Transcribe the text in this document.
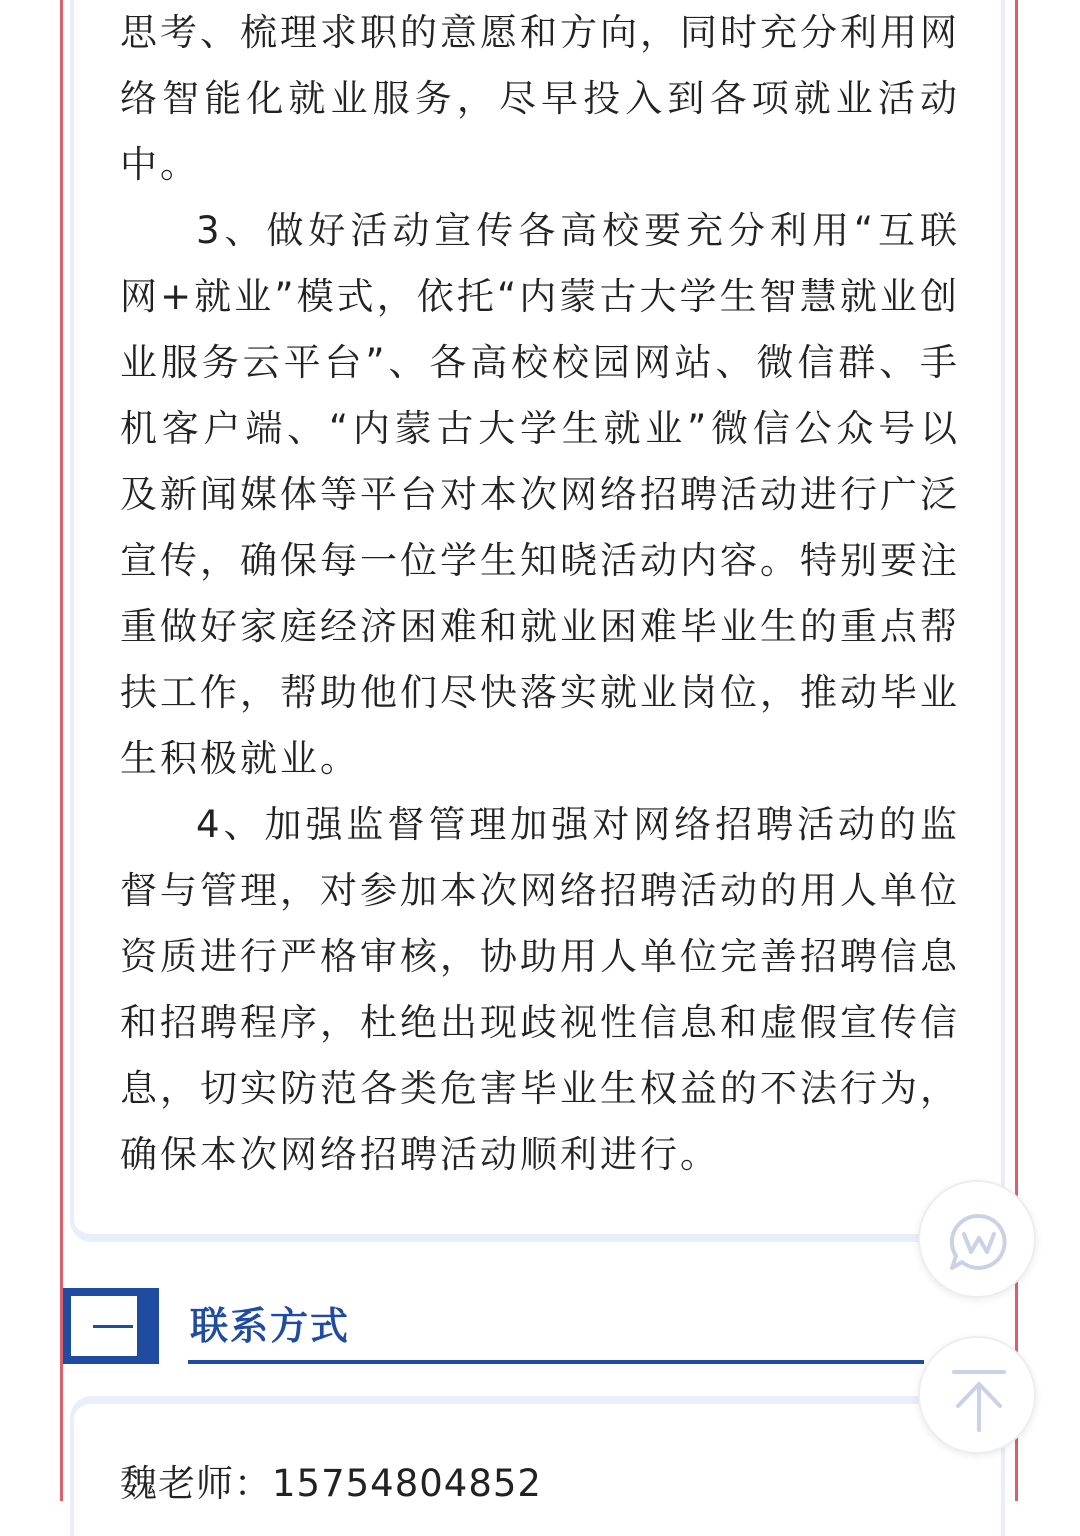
思考、梳理求职的意愿和方向，同时充分利用网络智能化就业服务，尽早投入到各项就业活动中。

3、做好活动宣传各高校要充分利用“互联网+就业”模式，依托“内蒙古大学生智慧就业创业服务云平台”、各高校校园网站、微信群、手机客户端、“内蒙古大学生就业”微信公众号以及新闻媒体等平台对本次网络招聘活动进行广泛宣传，确保每一位学生知晓活动内容。特别要注重做好家庭经济困难和就业困难毕业生的重点帮扶工作，帮助他们尽快落实就业岗位，推动毕业生积极就业。

4、加强监督管理加强对网络招聘活动的监督与管理，对参加本次网络招聘活动的用人单位资质进行严格审核，协助用人单位完善招聘信息和招聘程序，杜绝出现歧视性信息和虚假宣传信息，切实防范各类危害毕业生权益的不法行为，确保本次网络招聘活动顺利进行。

联系方式
魏老师：15754804852
